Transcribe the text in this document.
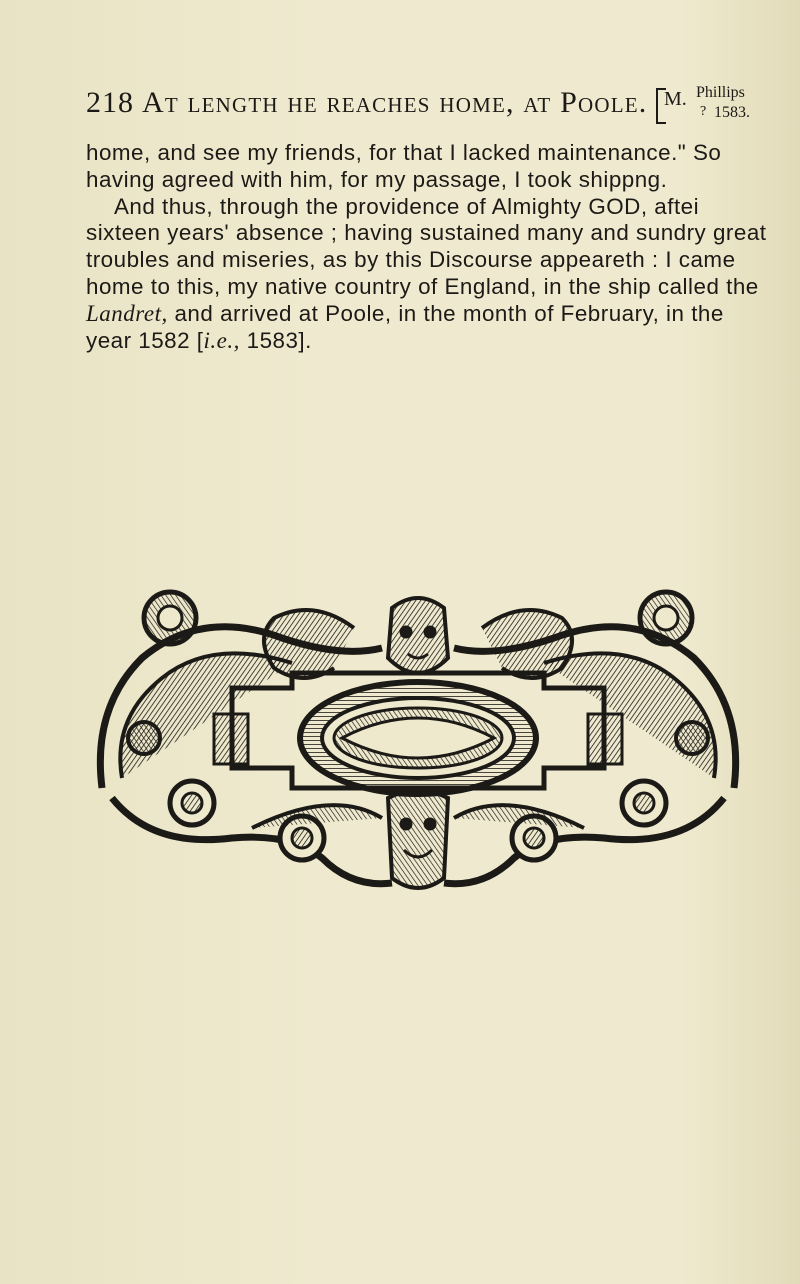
218 At length he reaches home, at Poole. M. Phillips
? 1583.

home, and see my friends, for that I lacked maintenance." So having agreed with him, for my passage, I took shippng.

And thus, through the providence of Almighty GOD, aftei sixteen years' absence ; having sustained many and sundry great troubles and miseries, as by this Discourse appeareth : I came home to this, my native country of England, in the ship called the Landret, and arrived at Poole, in the month of February, in the year 1582 [i.e., 1583].
